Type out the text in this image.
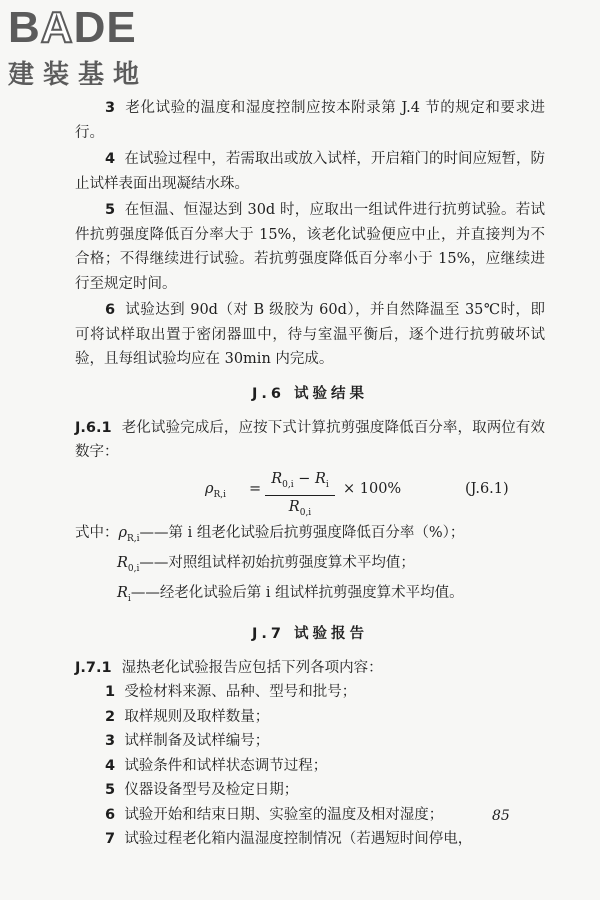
BADE
建装基地

3 老化试验的温度和湿度控制应按本附录第 J.4 节的规定和要求进行。

4 在试验过程中，若需取出或放入试样，开启箱门的时间应短暂，防止试样表面出现凝结水珠。

5 在恒温、恒湿达到 30d 时，应取出一组试件进行抗剪试验。若试件抗剪强度降低百分率大于 15%，该老化试验便应中止，并直接判为不合格；不得继续进行试验。若抗剪强度降低百分率小于 15%，应继续进行至规定时间。

6 试验达到 90d（对 B 级胶为 60d），并自然降温至 35℃时，即可将试样取出置于密闭器皿中，待与室温平衡后，逐个进行抗剪破坏试验，且每组试验均应在 30min 内完成。

J.6 试验结果

J.6.1 老化试验完成后，应按下式计算抗剪强度降低百分率，取两位有效数字：

$\rho_{R,i}$ =
$R_{0,i} - R_i$
$R_{0,i}$
× 100%	(J.6.1)
式中：$\rho_{R,i}——$第 i 组老化试验后抗剪强度降低百分率（%）；
$R_{0,i}——$对照组试样初始抗剪强度算术平均值；
$R_i——$经老化试验后第 i 组试样抗剪强度算术平均值。
J.7 试验报告

J.7.1 湿热老化试验报告应包括下列各项内容：

1 受检材料来源、品种、型号和批号；

2 取样规则及取样数量；

3 试样制备及试样编号；

4 试验条件和试样状态调节过程；

5 仪器设备型号及检定日期；

6 试验开始和结束日期、实验室的温度及相对湿度；

7 试验过程老化箱内温湿度控制情况（若遇短时间停电，

85
